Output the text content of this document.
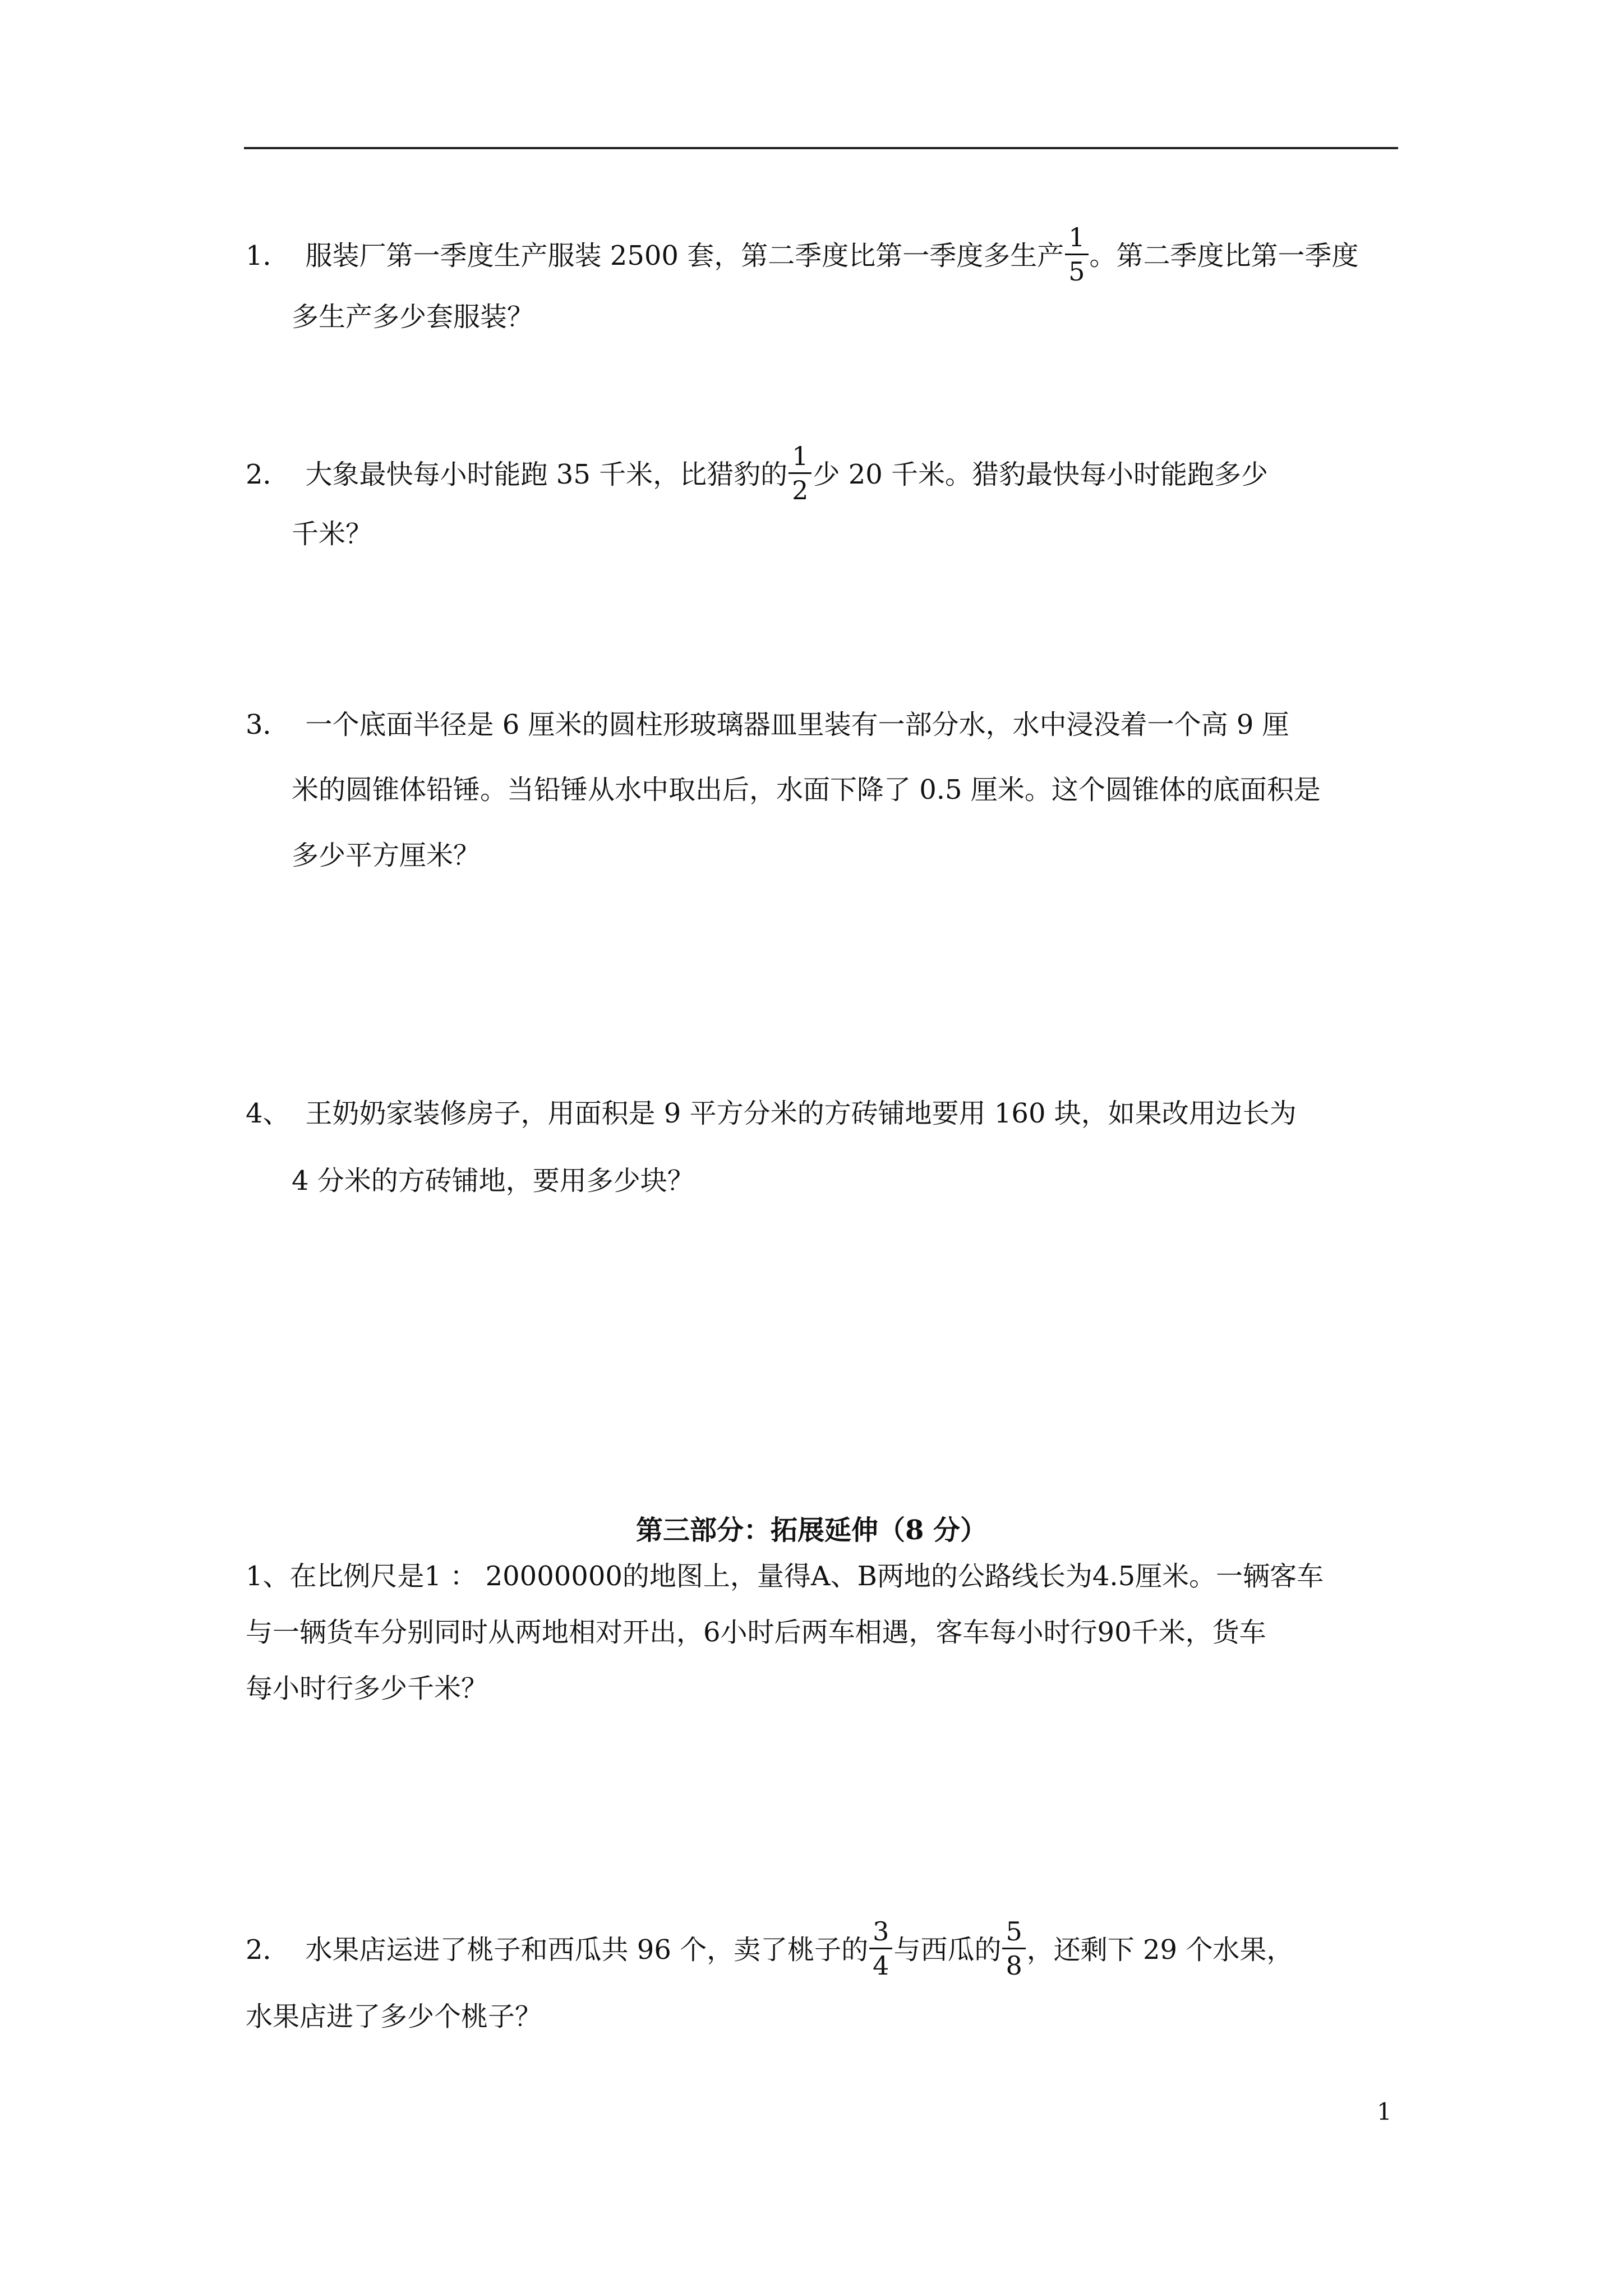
1． 服装厂第一季度生产服装 2500 套，第二季度比第一季度多生产 $\frac{1}{5}$ 。第二季度比第一季度
多生产多少套服装？
2． 大象最快每小时能跑 35 千米，比猎豹的 $\frac{1}{2}$ 少 20 千米。猎豹最快每小时能跑多少
千米？
3． 一个底面半径是 6 厘米的圆柱形玻璃器皿里装有一部分水，水中浸没着一个高 9 厘
米的圆锥体铅锤。当铅锤从水中取出后，水面下降了 0.5 厘米。这个圆锥体的底面积是
多少平方厘米？
4、 王奶奶家装修房子，用面积是 9 平方分米的方砖铺地要用 160 块，如果改用边长为
4 分米的方砖铺地，要用多少块？
第三部分：拓展延伸（8 分）
1、在比例尺是1 ： 20000000的地图上，量得A、B两地的公路线长为4.5厘米。一辆客车
与一辆货车分别同时从两地相对开出，6小时后两车相遇，客车每小时行90千米，货车
每小时行多少千米？
2． 水果店运进了桃子和西瓜共 96 个，卖了桃子的 $\frac{3}{4}$ 与西瓜的 $\frac{5}{8}$ ，还剩下 29 个水果，
水果店进了多少个桃子？
1
